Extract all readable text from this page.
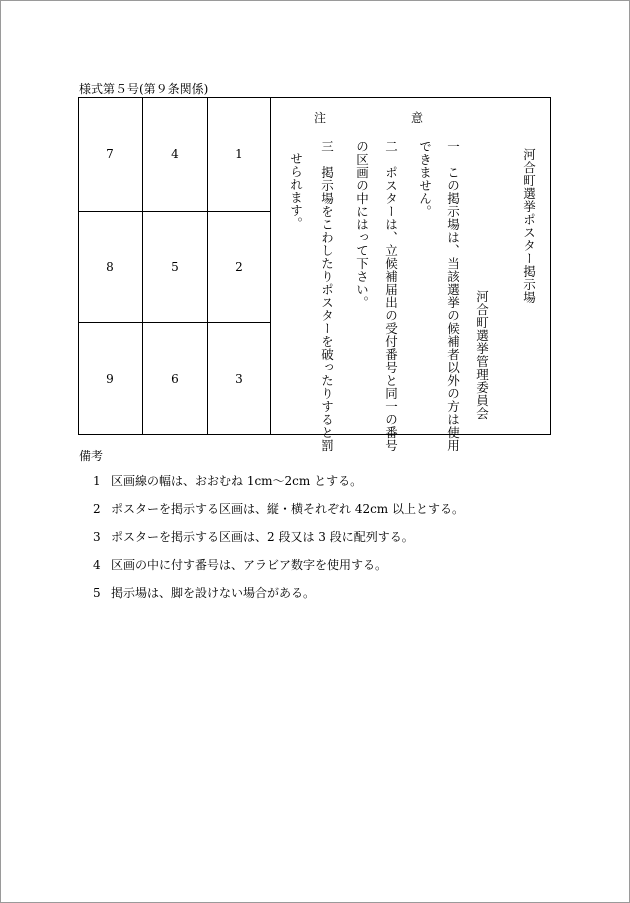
様式第５号(第９条関係)
7	4	1
8	5	2
9	6	3
注	意
河合町選挙ポスター掲示場
河合町選挙管理委員会
一　この掲示場は、当該選挙の候補者以外の方は使用
できません。
二　ポスターは、立候補届出の受付番号と同一の番号
の区画の中にはって下さい。
三　掲示場をこわしたりポスターを破ったりすると罰
せられます。
備考
1 区画線の幅は、おおむね 1cm〜2cm とする。
2 ポスターを掲示する区画は、縦・横それぞれ 42cm 以上とする。
3 ポスターを掲示する区画は、2 段又は 3 段に配列する。
4 区画の中に付す番号は、アラビア数字を使用する。
5 掲示場は、脚を設けない場合がある。
